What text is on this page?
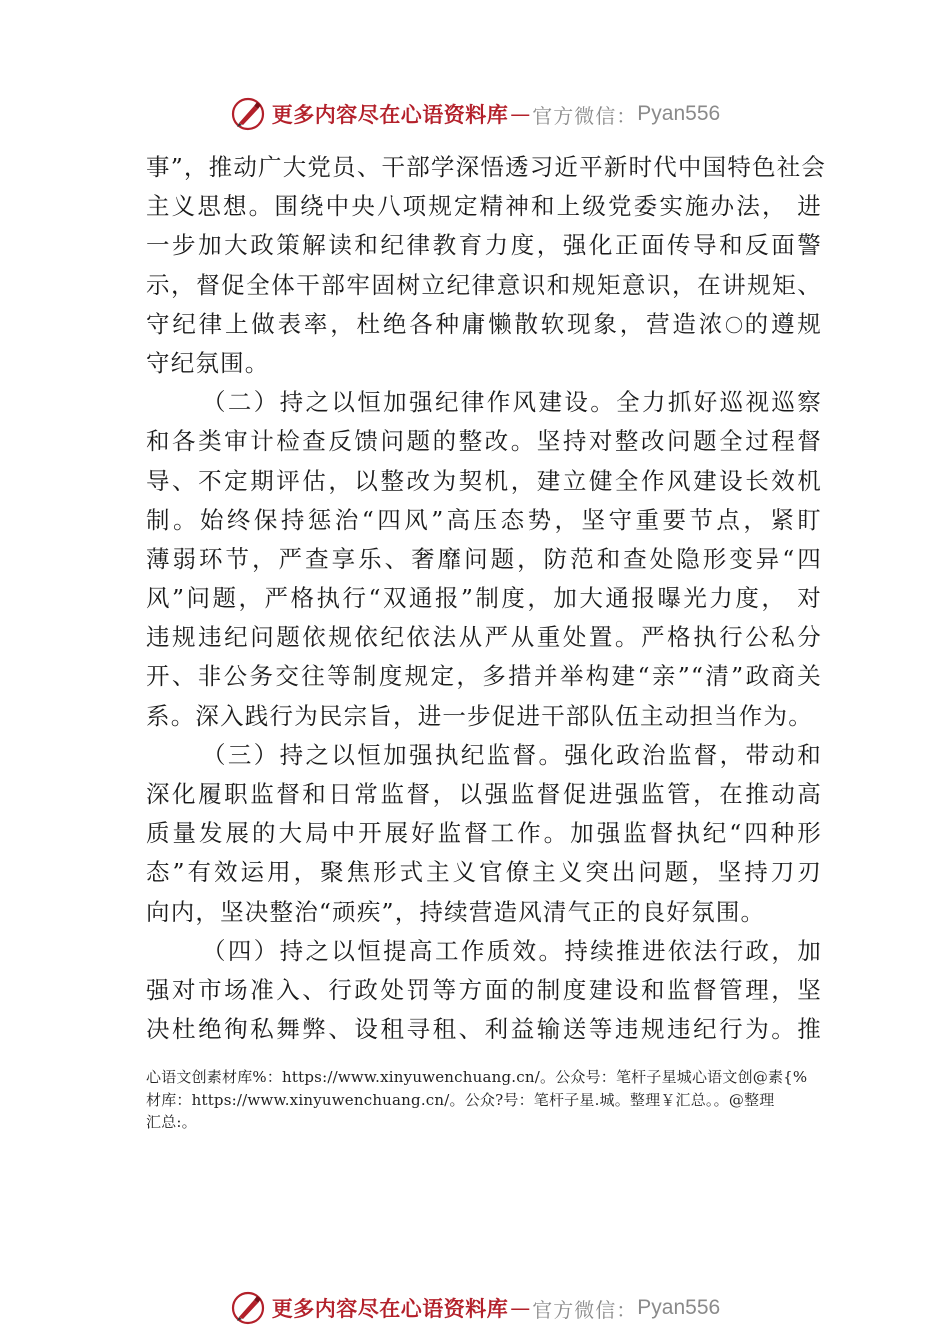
更多内容尽在心语资料库 — 官方微信： Pyan556
事”，推动广大党员、干部学深悟透习近平新时代中国特色社会
主义思想。围绕中央八项规定精神和上级党委实施办法， 进
一步加大政策解读和纪律教育力度，强化正面传导和反面警
示，督促全体干部牢固树立纪律意识和规矩意识，在讲规矩、
守纪律上做表率，杜绝各种庸懒散软现象，营造浓〇的遵规
守纪氛围。
（二）持之以恒加强纪律作风建设。全力抓好巡视巡察
和各类审计检查反馈问题的整改。坚持对整改问题全过程督
导、不定期评估，以整改为契机，建立健全作风建设长效机
制。始终保持惩治“四风”高压态势，坚守重要节点，紧盯
薄弱环节，严查享乐、奢靡问题，防范和查处隐形变异“四
风”问题，严格执行“双通报”制度，加大通报曝光力度， 对
违规违纪问题依规依纪依法从严从重处置。严格执行公私分
开、非公务交往等制度规定，多措并举构建“亲”“清”政商关
系。深入践行为民宗旨，进一步促进干部队伍主动担当作为。
（三）持之以恒加强执纪监督。强化政治监督，带动和
深化履职监督和日常监督，以强监督促进强监管，在推动高
质量发展的大局中开展好监督工作。加强监督执纪“四种形
态”有效运用，聚焦形式主义官僚主义突出问题，坚持刀刃
向内，坚决整治“顽疾”，持续营造风清气正的良好氛围。
（四）持之以恒提高工作质效。持续推进依法行政，加
强对市场准入、行政处罚等方面的制度建设和监督管理，坚
决杜绝徇私舞弊、设租寻租、利益输送等违规违纪行为。推
心语文创素材库%：https://www.xinyuwenchuang.cn/。公众号：笔杆子星城心语文创@素{%
材库：https://www.xinyuwenchuang.cn/。公众?号：笔杆子星.城。整理￥汇总。。@整理
汇总:。
更多内容尽在心语资料库 — 官方微信： Pyan556
